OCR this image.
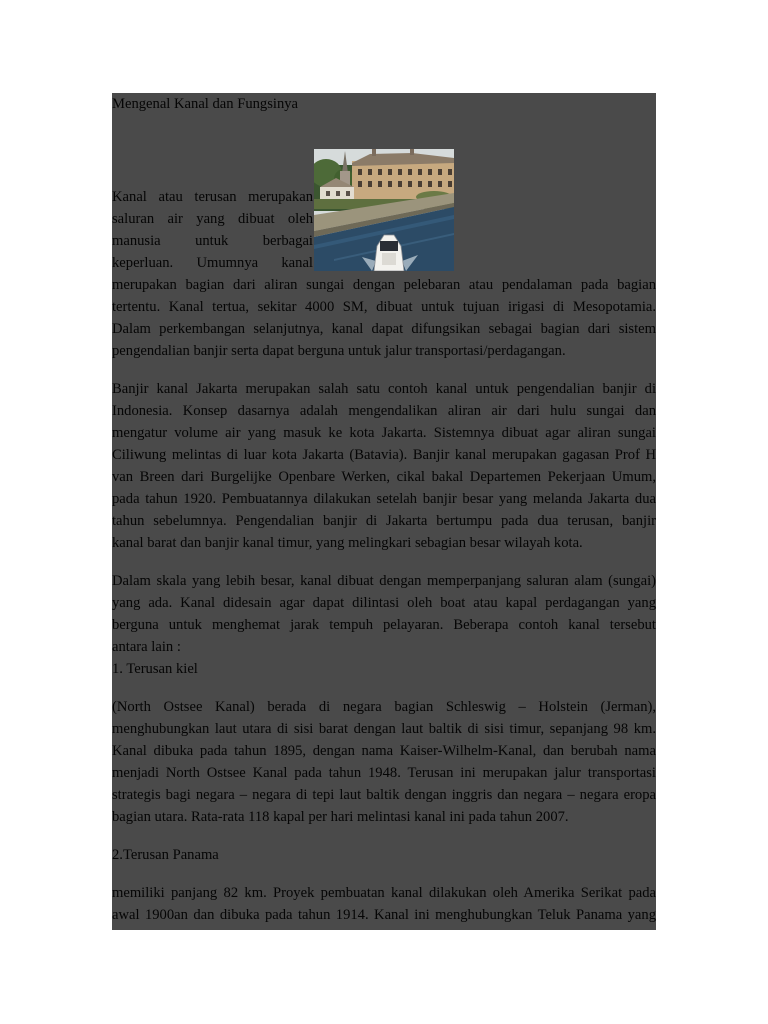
Mengenal Kanal dan Fungsinya
Kanal atau terusan merupakan
saluran air yang dibuat oleh
manusia untuk berbagai
keperluan. Umumnya kanal
merupakan bagian dari aliran sungai dengan pelebaran atau pendalaman pada bagian
tertentu. Kanal tertua, sekitar 4000 SM, dibuat untuk tujuan irigasi di Mesopotamia.
Dalam perkembangan selanjutnya, kanal dapat difungsikan sebagai bagian dari sistem
pengendalian banjir serta dapat berguna untuk jalur transportasi/perdagangan.
Banjir kanal Jakarta merupakan salah satu contoh kanal untuk pengendalian banjir di
Indonesia. Konsep dasarnya adalah mengendalikan aliran air dari hulu sungai dan
mengatur volume air yang masuk ke kota Jakarta. Sistemnya dibuat agar aliran sungai
Ciliwung melintas di luar kota Jakarta (Batavia). Banjir kanal merupakan gagasan Prof H
van Breen dari Burgelijke Openbare Werken, cikal bakal Departemen Pekerjaan Umum,
pada tahun 1920. Pembuatannya dilakukan setelah banjir besar yang melanda Jakarta dua
tahun sebelumnya. Pengendalian banjir di Jakarta bertumpu pada dua terusan, banjir
kanal barat dan banjir kanal timur, yang melingkari sebagian besar wilayah kota.
Dalam skala yang lebih besar, kanal dibuat dengan memperpanjang saluran alam (sungai)
yang ada. Kanal didesain agar dapat dilintasi oleh boat atau kapal perdagangan yang
berguna untuk menghemat jarak tempuh pelayaran. Beberapa contoh kanal tersebut
antara lain :
1. Terusan kiel
(North Ostsee Kanal) berada di negara bagian Schleswig – Holstein (Jerman),
menghubungkan laut utara di sisi barat dengan laut baltik di sisi timur, sepanjang 98 km.
Kanal dibuka pada tahun 1895, dengan nama Kaiser-Wilhelm-Kanal, dan berubah nama
menjadi North Ostsee Kanal pada tahun 1948. Terusan ini merupakan jalur transportasi
strategis bagi negara – negara di tepi laut baltik dengan inggris dan negara – negara eropa
bagian utara. Rata-rata 118 kapal per hari melintasi kanal ini pada tahun 2007.
2.Terusan Panama
memiliki panjang 82 km. Proyek pembuatan kanal dilakukan oleh Amerika Serikat pada
awal 1900an dan dibuka pada tahun 1914. Kanal ini menghubungkan Teluk Panama yang
